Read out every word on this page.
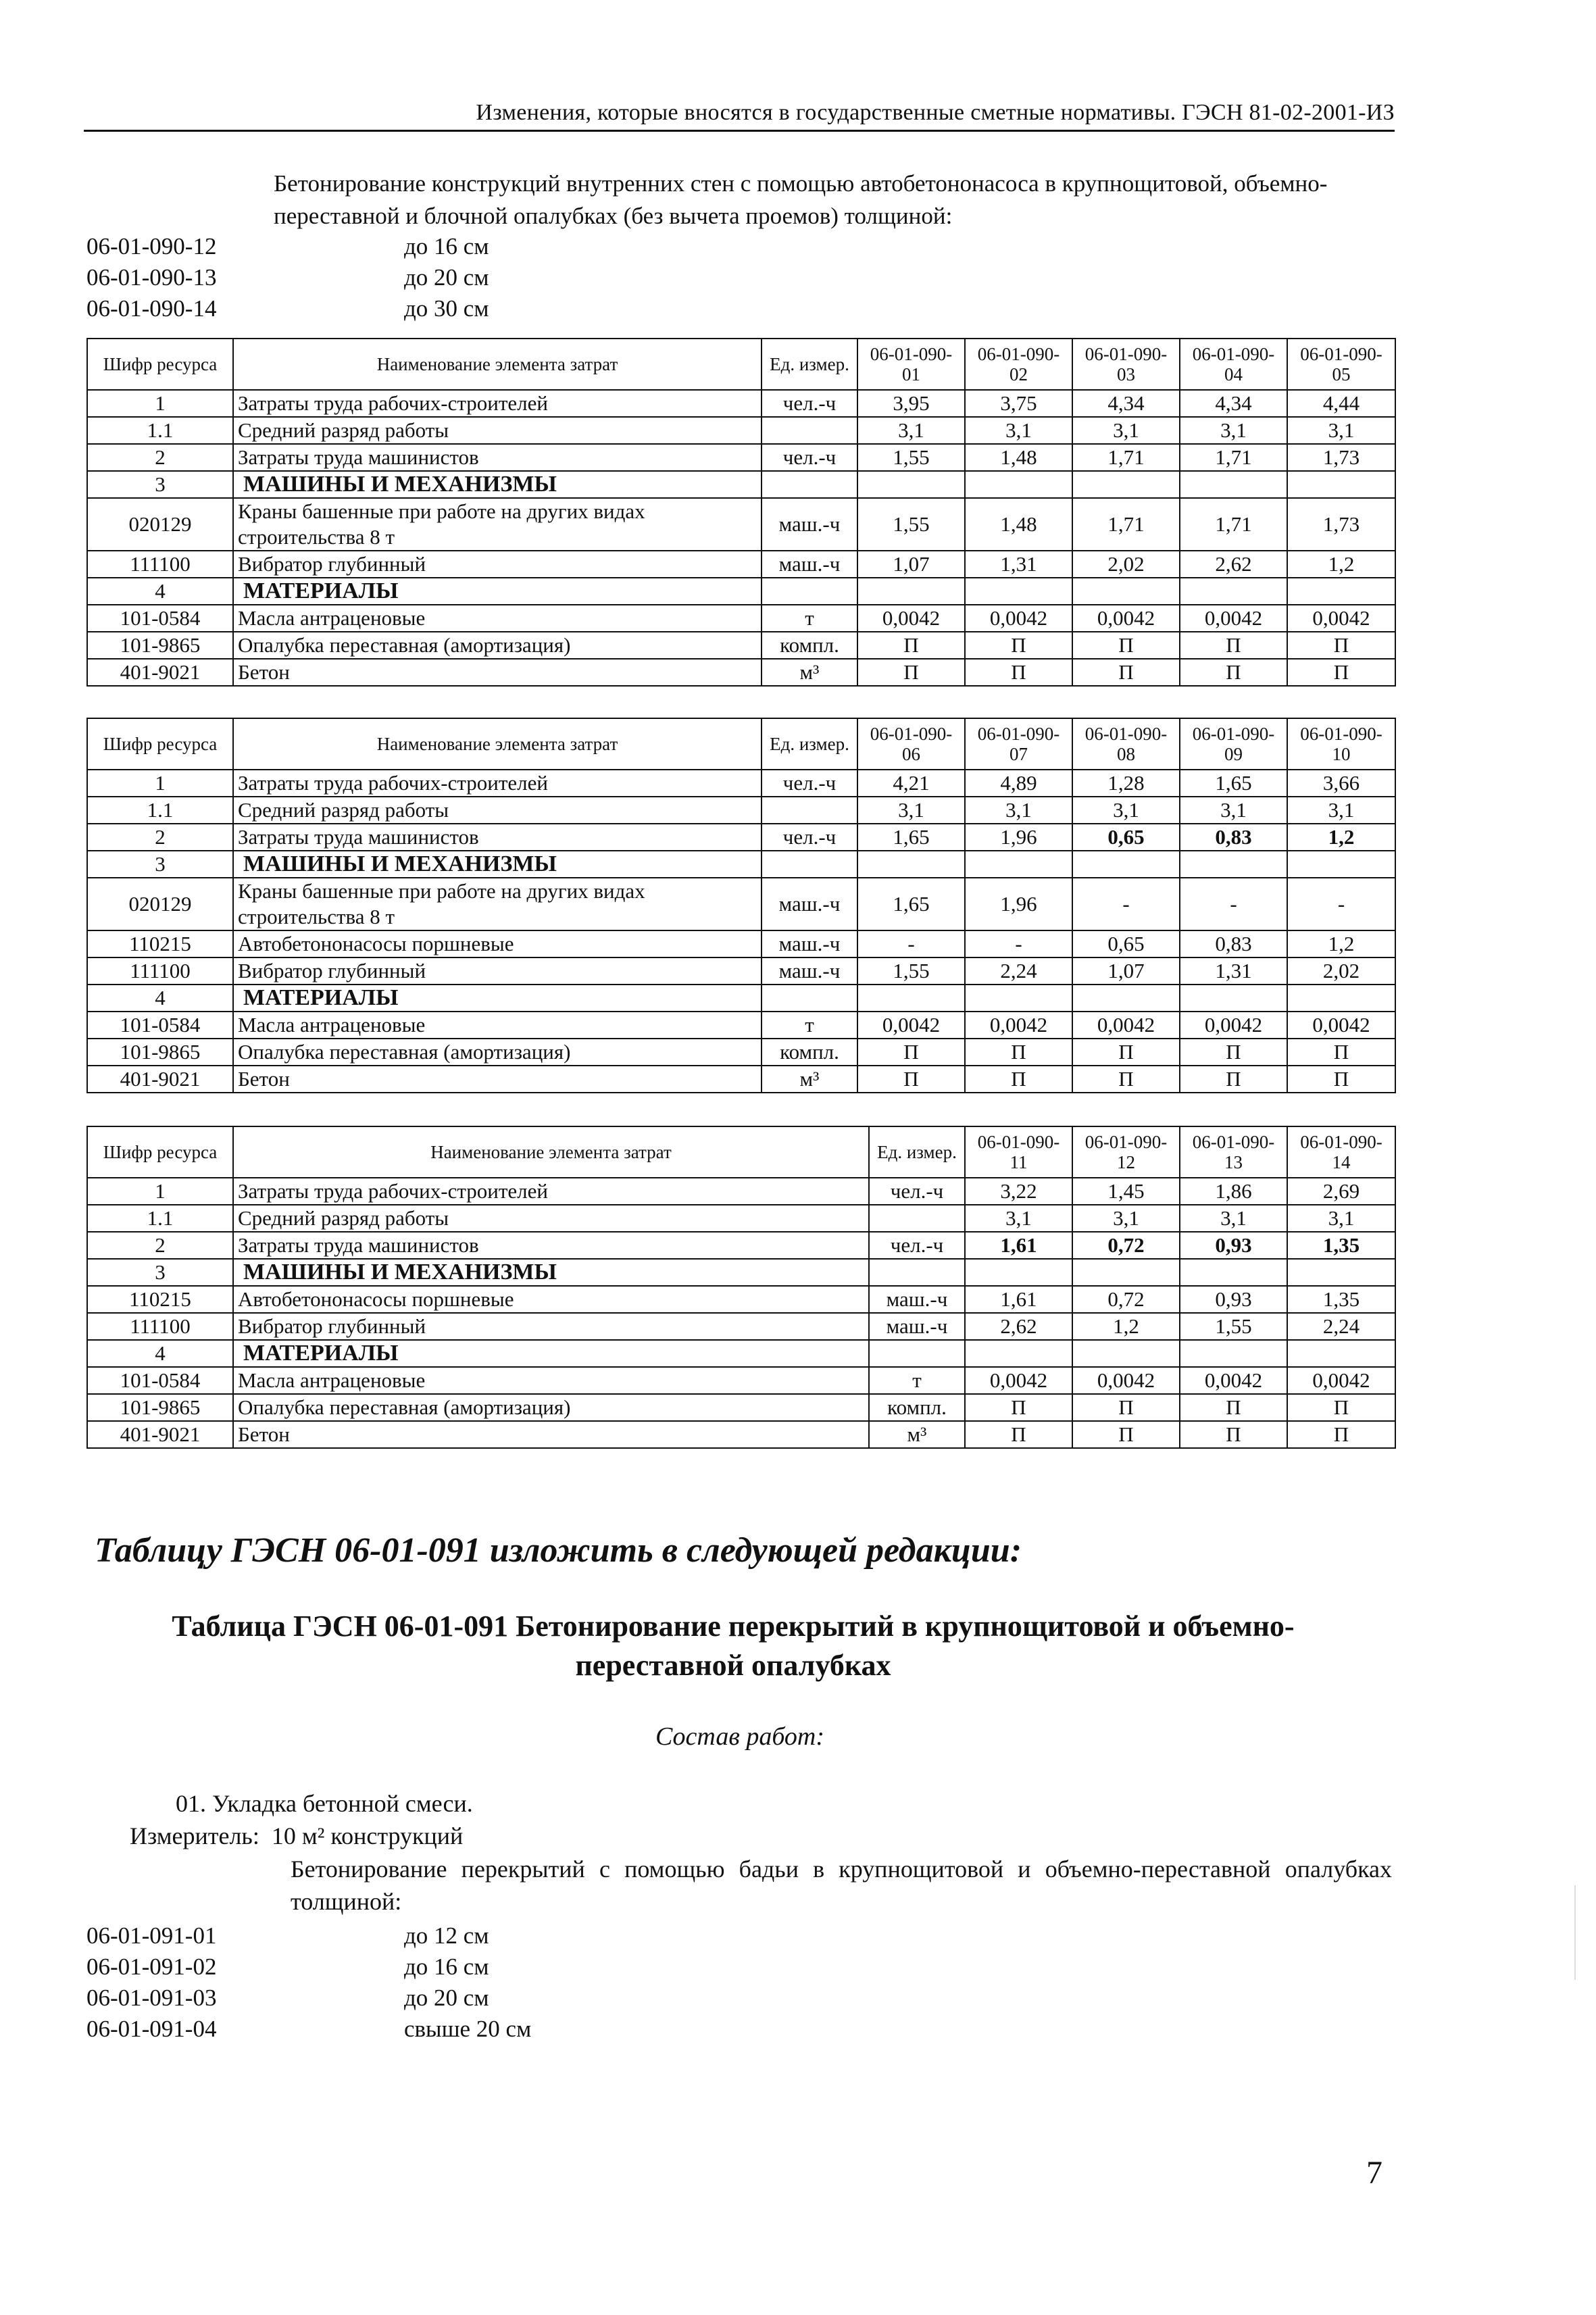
Изменения, которые вносятся в государственные сметные нормативы. ГЭСН 81-02-2001-ИЗ
Бетонирование конструкций внутренних стен с помощью автобетононасоса в крупнощитовой, объемно-переставной и блочной опалубках (без вычета проемов) толщиной:
06-01-090-12	до 16 см
06-01-090-13	до 20 см
06-01-090-14	до 30 см
Шифр ресурса	Наименование элемента затрат	Ед. измер.	06-01-090-01	06-01-090-02	06-01-090-03	06-01-090-04	06-01-090-05
1	Затраты труда рабочих-строителей	чел.-ч	3,95	3,75	4,34	4,34	4,44
1.1	Средний разряд работы		3,1	3,1	3,1	3,1	3,1
2	Затраты труда машинистов	чел.-ч	1,55	1,48	1,71	1,71	1,73
3	МАШИНЫ И МЕХАНИЗМЫ						
020129	Краны башенные при работе на других видах строительства 8 т	маш.-ч	1,55	1,48	1,71	1,71	1,73
111100	Вибратор глубинный	маш.-ч	1,07	1,31	2,02	2,62	1,2
4	МАТЕРИАЛЫ						
101-0584	Масла антраценовые	т	0,0042	0,0042	0,0042	0,0042	0,0042
101-9865	Опалубка переставная (амортизация)	компл.	П	П	П	П	П
401-9021	Бетон	м³	П	П	П	П	П
Шифр ресурса	Наименование элемента затрат	Ед. измер.	06-01-090-06	06-01-090-07	06-01-090-08	06-01-090-09	06-01-090-10
1	Затраты труда рабочих-строителей	чел.-ч	4,21	4,89	1,28	1,65	3,66
1.1	Средний разряд работы		3,1	3,1	3,1	3,1	3,1
2	Затраты труда машинистов	чел.-ч	1,65	1,96	0,65	0,83	1,2
3	МАШИНЫ И МЕХАНИЗМЫ						
020129	Краны башенные при работе на других видах строительства 8 т	маш.-ч	1,65	1,96	-	-	-
110215	Автобетононасосы поршневые	маш.-ч	-	-	0,65	0,83	1,2
111100	Вибратор глубинный	маш.-ч	1,55	2,24	1,07	1,31	2,02
4	МАТЕРИАЛЫ						
101-0584	Масла антраценовые	т	0,0042	0,0042	0,0042	0,0042	0,0042
101-9865	Опалубка переставная (амортизация)	компл.	П	П	П	П	П
401-9021	Бетон	м³	П	П	П	П	П
Шифр ресурса	Наименование элемента затрат	Ед. измер.	06-01-090-11	06-01-090-12	06-01-090-13	06-01-090-14
1	Затраты труда рабочих-строителей	чел.-ч	3,22	1,45	1,86	2,69
1.1	Средний разряд работы		3,1	3,1	3,1	3,1
2	Затраты труда машинистов	чел.-ч	1,61	0,72	0,93	1,35
3	МАШИНЫ И МЕХАНИЗМЫ					
110215	Автобетононасосы поршневые	маш.-ч	1,61	0,72	0,93	1,35
111100	Вибратор глубинный	маш.-ч	2,62	1,2	1,55	2,24
4	МАТЕРИАЛЫ					
101-0584	Масла антраценовые	т	0,0042	0,0042	0,0042	0,0042
101-9865	Опалубка переставная (амортизация)	компл.	П	П	П	П
401-9021	Бетон	м³	П	П	П	П
Таблицу ГЭСН 06-01-091 изложить в следующей редакции:
Таблица ГЭСН 06-01-091 Бетонирование перекрытий в крупнощитовой и объемно-переставной опалубках
Состав работ:
01. Укладка бетонной смеси.
Измеритель: 10 м² конструкций
Бетонирование перекрытий с помощью бадьи в крупнощитовой и объемно-переставной опалубках толщиной:
06-01-091-01	до 12 см
06-01-091-02	до 16 см
06-01-091-03	до 20 см
06-01-091-04	свыше 20 см
7
